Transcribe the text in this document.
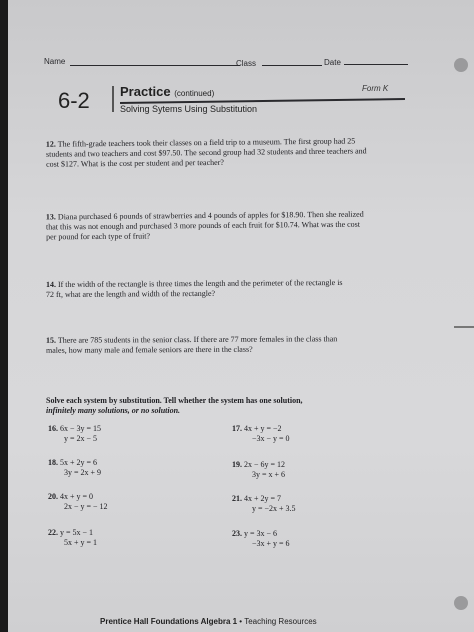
Name	Class	Date
6-2 Practice (continued)
Form K
Solving Sytems Using Substitution
12. The fifth-grade teachers took their classes on a field trip to a museum. The first group had 25 students and two teachers and cost $97.50. The second group had 32 students and three teachers and cost $127. What is the cost per student and per teacher?
13. Diana purchased 6 pounds of strawberries and 4 pounds of apples for $18.90. Then she realized that this was not enough and purchased 3 more pounds of each fruit for $10.74. What was the cost per pound for each type of fruit?
14. If the width of the rectangle is three times the length and the perimeter of the rectangle is 72 ft, what are the length and width of the rectangle?
15. There are 785 students in the senior class. If there are 77 more females in the class than males, how many male and female seniors are there in the class?
Solve each system by substitution. Tell whether the system has one solution,
infinitely many solutions, or no solution.
16. 6x − 3y = 15
y = 2x − 5
17. 4x + y = −2
−3x − y = 0
18. 5x + 2y = 6
3y = 2x + 9
19. 2x − 6y = 12
3y = x + 6
20. 4x + y = 0
2x − y = − 12
21. 4x + 2y = 7
y = −2x + 3.5
22. y = 5x − 1
5x + y = 1
23. y = 3x − 6
−3x + y = 6
Prentice Hall Foundations Algebra 1 • Teaching Resources
